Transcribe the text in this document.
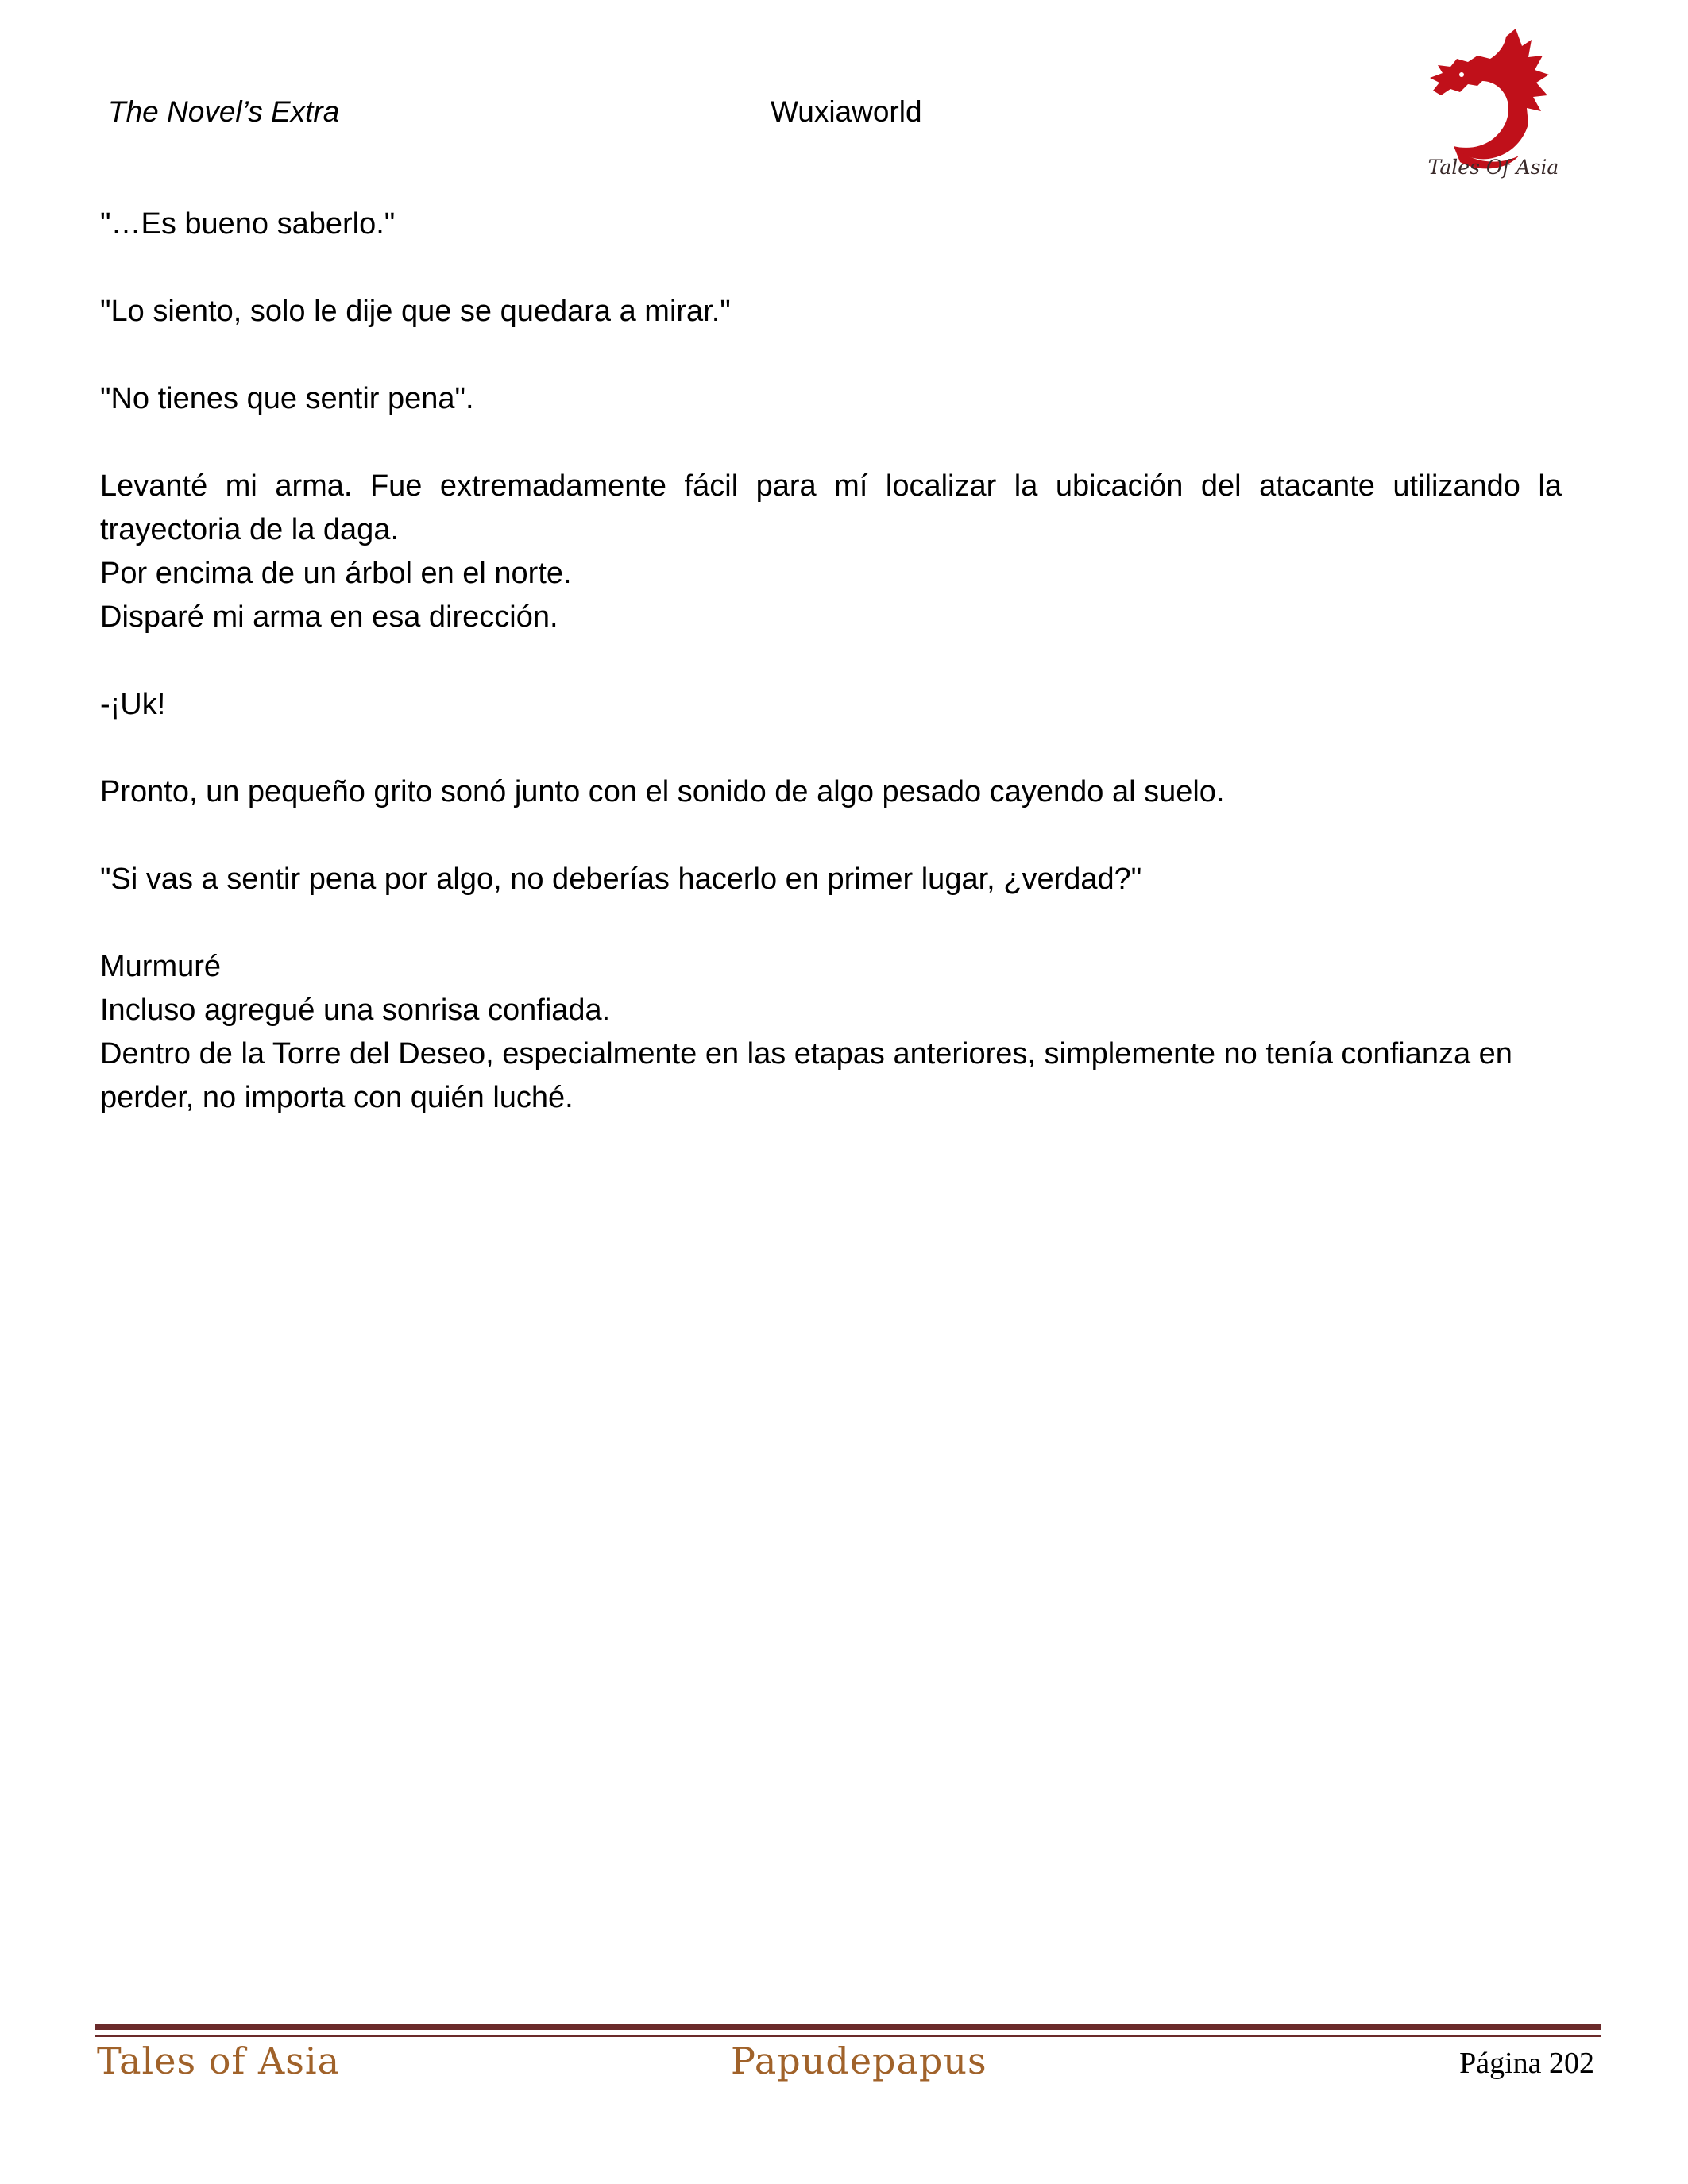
The Novel’s Extra	Wuxiaworld
Tales Of Asia

"…Es bueno saberlo."

"Lo siento, solo le dije que se quedara a mirar."

"No tienes que sentir pena".

Levanté mi arma. Fue extremadamente fácil para mí localizar la ubicación del atacante utilizando la trayectoria de la daga.
Por encima de un árbol en el norte.
Disparé mi arma en esa dirección.

-¡Uk!

Pronto, un pequeño grito sonó junto con el sonido de algo pesado cayendo al suelo.

"Si vas a sentir pena por algo, no deberías hacerlo en primer lugar, ¿verdad?"

Murmuré
Incluso agregué una sonrisa confiada.
Dentro de la Torre del Deseo, especialmente en las etapas anteriores, simplemente no tenía confianza en perder, no importa con quién luché.

Tales of Asia	Papudepapus	Página 202
